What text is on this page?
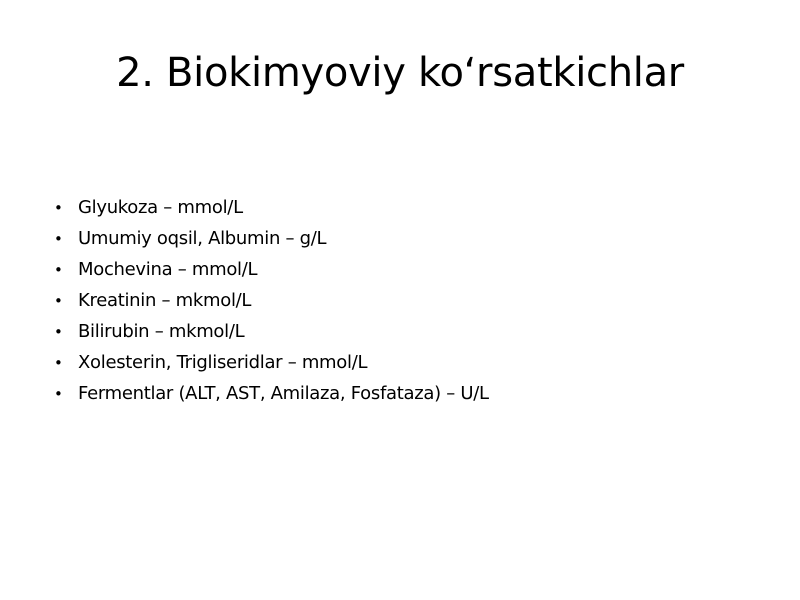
2. Biokimyoviy ko‘rsatkichlar
• Glyukoza – mmol/L
• Umumiy oqsil, Albumin – g/L
• Mochevina – mmol/L
• Kreatinin – mkmol/L
• Bilirubin – mkmol/L
• Xolesterin, Trigliseridlar – mmol/L
• Fermentlar (ALT, AST, Amilaza, Fosfataza) – U/L
